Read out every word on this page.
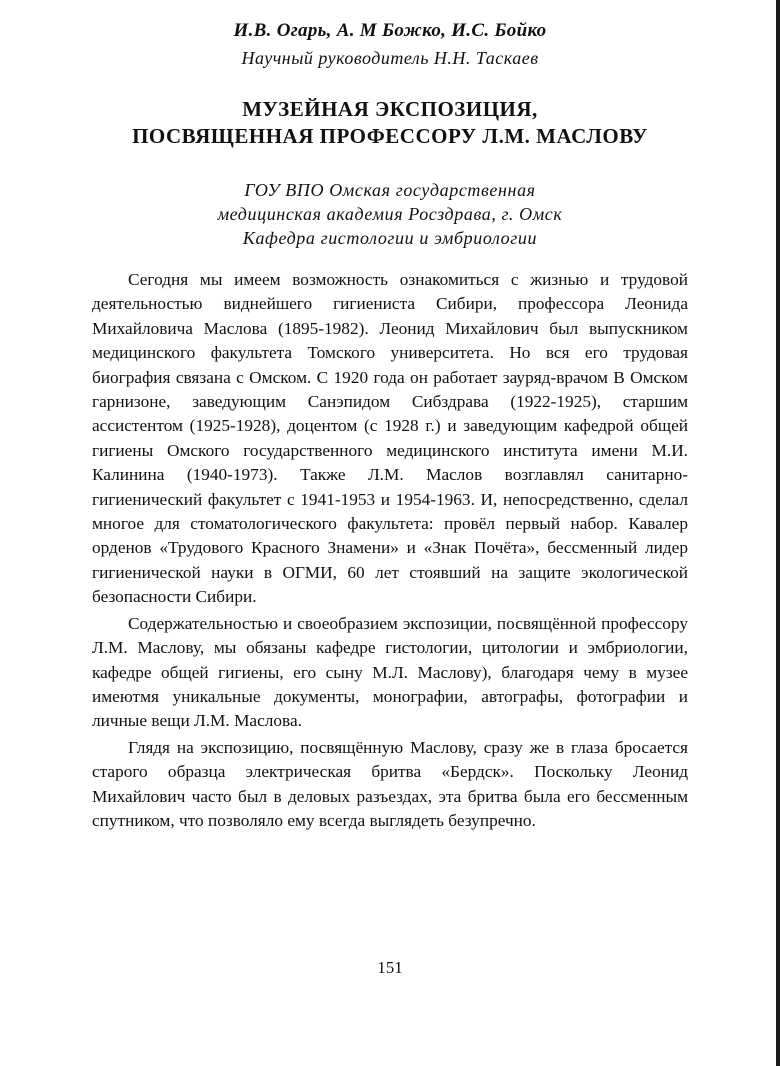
И.В. Огарь, А. М Божко, И.С. Бойко
Научный руководитель Н.Н. Таскаев
МУЗЕЙНАЯ ЭКСПОЗИЦИЯ,
ПОСВЯЩЕННАЯ ПРОФЕССОРУ Л.М. МАСЛОВУ
ГОУ ВПО Омская государственная
медицинская академия Росздрава, г. Омск
Кафедра гистологии и эмбриологии

Сегодня мы имеем возможность ознакомиться с жизнью и трудовой деятельностью виднейшего гигиениста Сибири, профессора Леонида Михайловича Маслова (1895-1982). Леонид Михайлович был выпускником медицинского факультета Томского университета. Но вся его трудовая биография связана с Омском. С 1920 года он работает зауряд-врачом В Омском гарнизоне, заведующим Санэпидом Сибздрава (1922-1925), старшим ассистентом (1925-1928), доцентом (с 1928 г.) и заведующим кафедрой общей гигиены Омского государственного медицинского института имени М.И. Калинина (1940-1973). Также Л.М. Маслов возглавлял санитарно-гигиенический факультет с 1941-1953 и 1954-1963. И, непосредственно, сделал многое для стоматологического факультета: провёл первый набор. Кавалер орденов «Трудового Красного Знамени» и «Знак Почёта», бессменный лидер гигиенической науки в ОГМИ, 60 лет стоявший на защите экологической безопасности Сибири.

Содержательностью и своеобразием экспозиции, посвящённой профессору Л.М. Маслову, мы обязаны кафедре гистологии, цитологии и эмбриологии, кафедре общей гигиены, его сыну М.Л. Маслову), благодаря чему в музее имеютмя уникальные документы, монографии, автографы, фотографии и личные вещи Л.М. Маслова.

Глядя на экспозицию, посвящённую Маслову, сразу же в глаза бросается старого образца электрическая бритва «Бердск». Поскольку Леонид Михайлович часто был в деловых разъездах, эта бритва была его бессменным спутником, что позволяло ему всегда выглядеть безупречно.

151
